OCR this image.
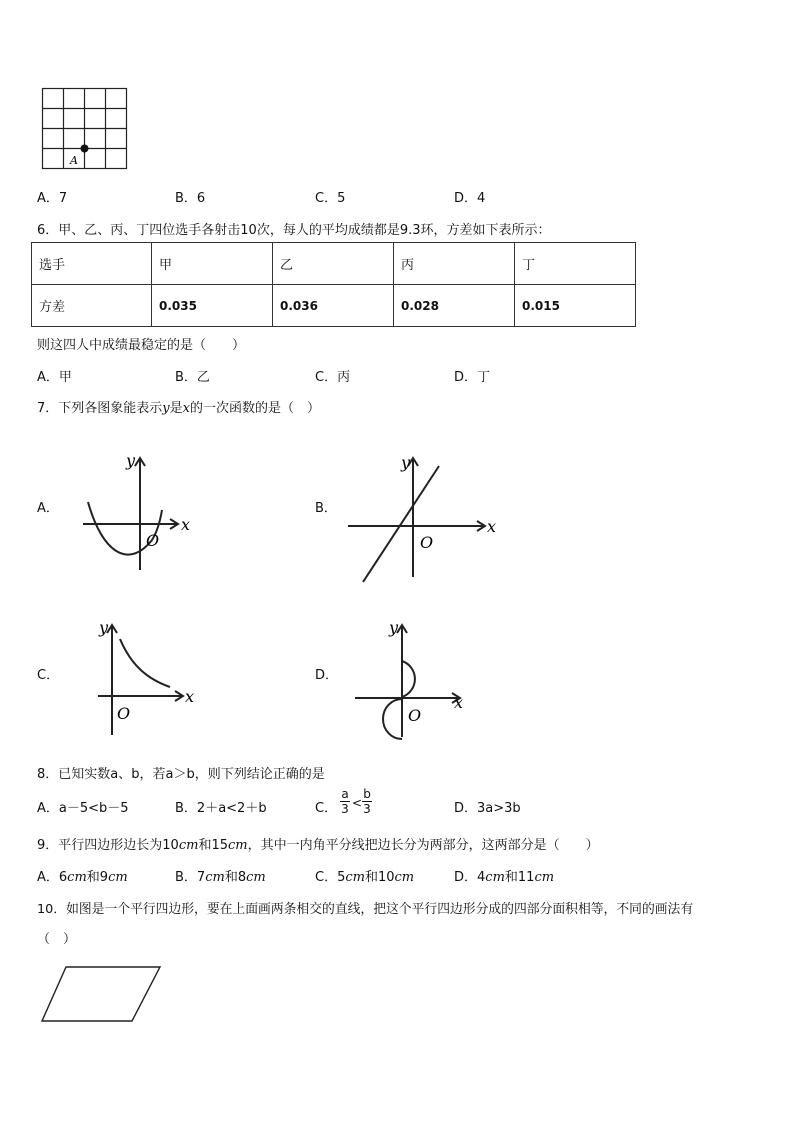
A
A．7	B．6	C．5	D．4
6．甲、乙、丙、丁四位选手各射击10次，每人的平均成绩都是9.3环，方差如下表所示：
选手	甲	乙	丙	丁
方差	0.035	0.036	0.028	0.015
则这四人中成绩最稳定的是（　　）
A．甲	B．乙	C．丙	D．丁
7．下列各图象能表示y是x的一次函数的是（　）
A．	B．
C．	D．
y
x
O
y
x
O
y
x
O
y
x
O
8．已知实数a、b，若a＞b，则下列结论正确的是
A．a－5<b－5	B．2＋a<2＋b	C． $\frac{a}{3} < \frac{b}{3}$	D．3a>3b
9．平行四边形边长为10cm和15cm，其中一内角平分线把边长分为两部分，这两部分是（　　）
A．6cm和9cm	B．7cm和8cm	C．5cm和10cm	D．4cm和11cm
10．如图是一个平行四边形，要在上面画两条相交的直线，把这个平行四边形分成的四部分面积相等，不同的画法有
（　）
